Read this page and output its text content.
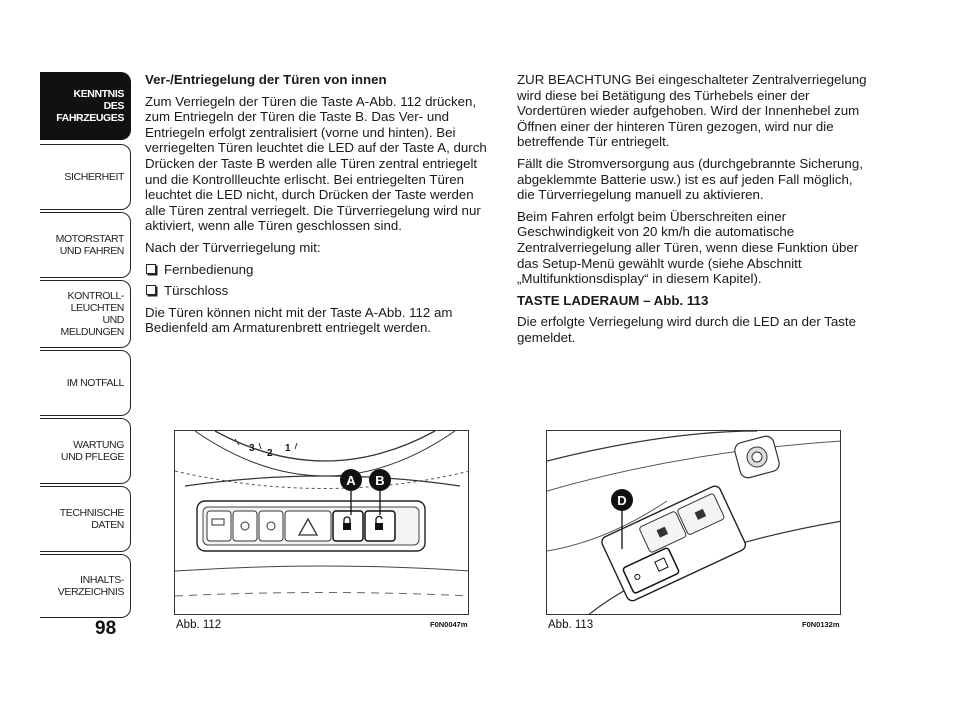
KENNTNIS
DES FAHRZEUGES
SICHERHEIT
MOTORSTART
UND FAHREN
KONTROLL-
LEUCHTEN
UND MELDUNGEN
IM NOTFALL
WARTUNG
UND PFLEGE
TECHNISCHE
DATEN
INHALTS-
VERZEICHNIS
98
Ver-/Entriegelung der Türen von innen

Zum Verriegeln der Türen die Taste A-Abb. 112 drücken, zum Entriegeln der Türen die Taste B. Das Ver- und Entriegeln erfolgt zentralisiert (vorne und hinten). Bei verriegelten Türen leuchtet die LED auf der Taste A, durch Drücken der Taste B werden alle Türen zentral entriegelt und die Kontrollleuchte erlischt. Bei entriegelten Türen leuchtet die LED nicht, durch Drücken der Taste werden alle Türen zentral verriegelt. Die Türverriegelung wird nur aktiviert, wenn alle Türen geschlossen sind.

Nach der Türverriegelung mit:

Fernbedienung
Türschloss

Die Türen können nicht mit der Taste A-Abb. 112 am Bedienfeld am Armaturenbrett entriegelt werden.

ZUR BEACHTUNG Bei eingeschalteter Zentralverriegelung wird diese bei Betätigung des Türhebels einer der Vordertüren wieder aufgehoben. Wird der Innenhebel zum Öffnen einer der hinteren Türen gezogen, wird nur die betreffende Tür entriegelt.

Fällt die Stromversorgung aus (durchgebrannte Sicherung, abgeklemmte Batterie usw.) ist es auf jeden Fall möglich, die Türverriegelung manuell zu aktivieren.

Beim Fahren erfolgt beim Überschreiten einer Geschwindigkeit von 20 km/h die automatische Zentralverriegelung aller Türen, wenn diese Funktion über das Setup-Menü gewählt wurde (siehe Abschnitt „Multifunktionsdisplay“ in diesem Kapitel).

TASTE LADERAUM – Abb. 113

Die erfolgte Verriegelung wird durch die LED an der Taste gemeldet.

3 2 1
A B
Abb. 112	F0N0047m
D
Abb. 113	F0N0132m
